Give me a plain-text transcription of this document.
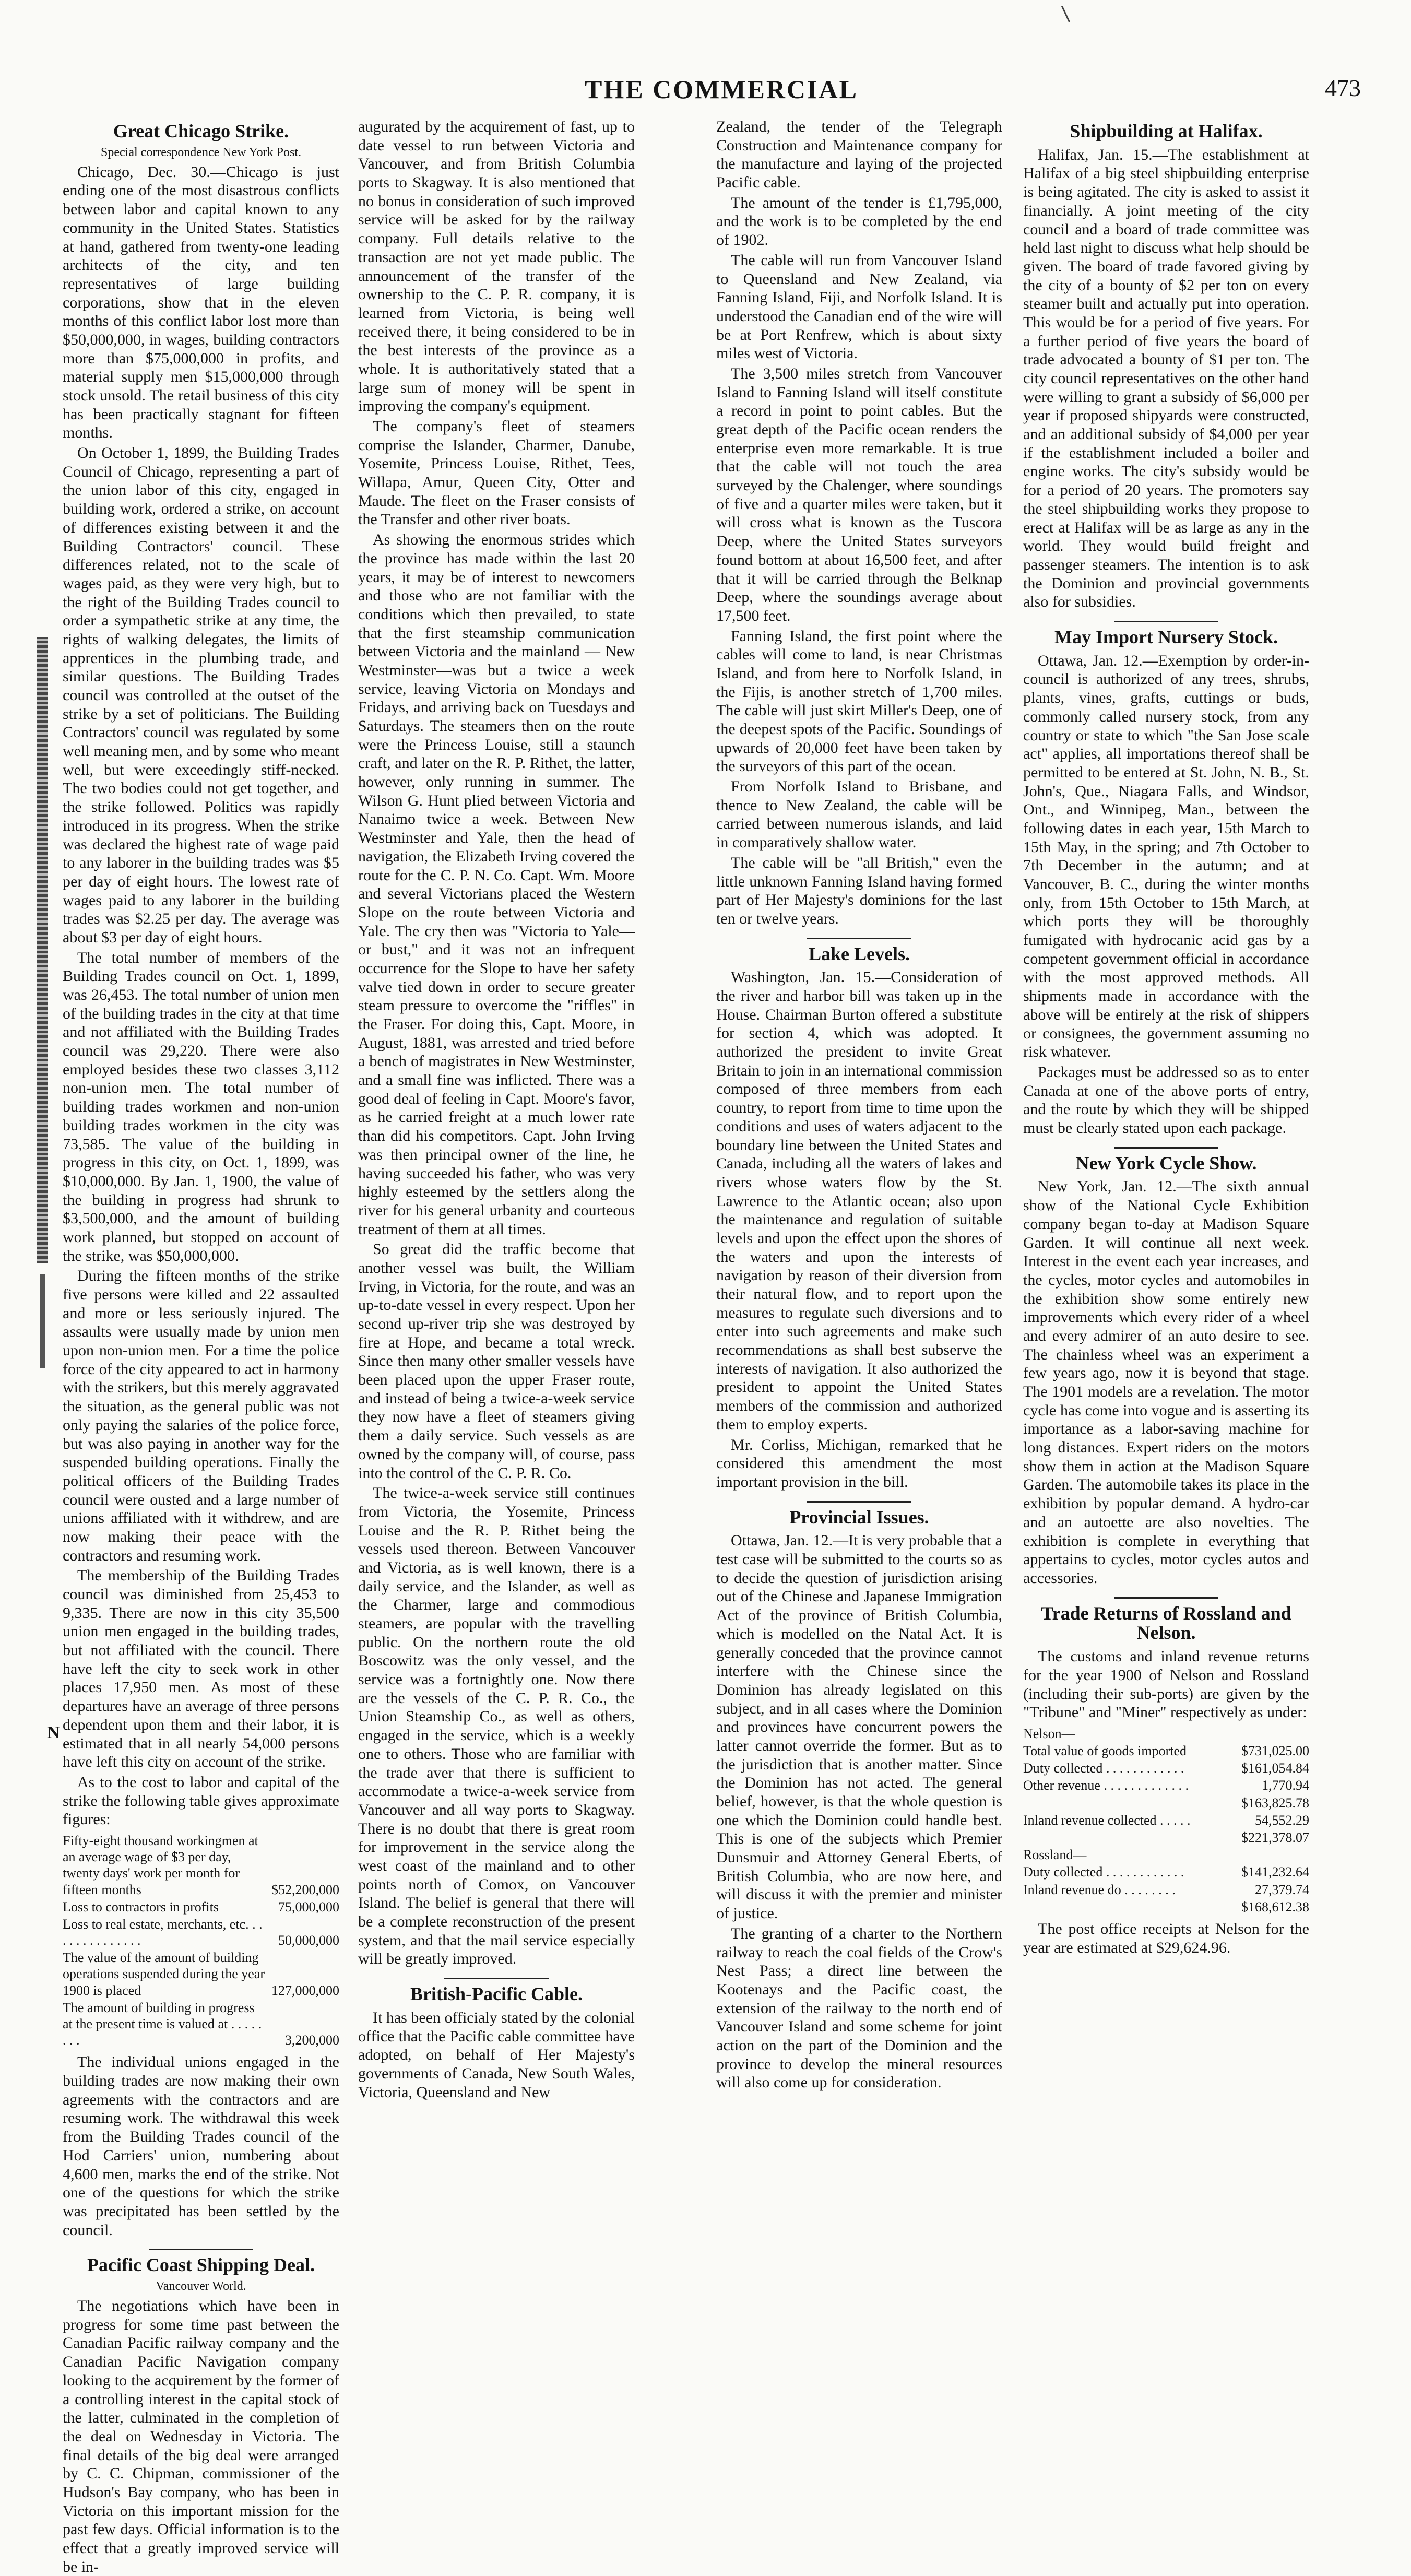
THE COMMERCIAL	473
N
Great Chicago Strike.
Special correspondence New York Post.

Chicago, Dec. 30.—Chicago is just ending one of the most disastrous conflicts between labor and capital known to any community in the United States. Statistics at hand, gathered from twenty-one leading architects of the city, and ten representatives of large building corporations, show that in the eleven months of this conflict labor lost more than $50,000,000, in wages, building contractors more than $75,000,000 in profits, and material supply men $15,000,000 through stock unsold. The retail business of this city has been practically stagnant for fifteen months.

On October 1, 1899, the Building Trades Council of Chicago, representing a part of the union labor of this city, engaged in building work, ordered a strike, on account of differences existing between it and the Building Contractors' council. These differences related, not to the scale of wages paid, as they were very high, but to the right of the Building Trades council to order a sympathetic strike at any time, the rights of walking delegates, the limits of apprentices in the plumbing trade, and similar questions. The Building Trades council was controlled at the outset of the strike by a set of politicians. The Building Contractors' council was regulated by some well meaning men, and by some who meant well, but were exceedingly stiff-necked. The two bodies could not get together, and the strike followed. Politics was rapidly introduced in its progress. When the strike was declared the highest rate of wage paid to any laborer in the building trades was $5 per day of eight hours. The lowest rate of wages paid to any laborer in the building trades was $2.25 per day. The average was about $3 per day of eight hours.

The total number of members of the Building Trades council on Oct. 1, 1899, was 26,453. The total number of union men of the building trades in the city at that time and not affiliated with the Building Trades council was 29,220. There were also employed besides these two classes 3,112 non-union men. The total number of building trades workmen and non-union building trades workmen in the city was 73,585. The value of the building in progress in this city, on Oct. 1, 1899, was $10,000,000. By Jan. 1, 1900, the value of the building in progress had shrunk to $3,500,000, and the amount of building work planned, but stopped on account of the strike, was $50,000,000.

During the fifteen months of the strike five persons were killed and 22 assaulted and more or less seriously injured. The assaults were usually made by union men upon non-union men. For a time the police force of the city appeared to act in harmony with the strikers, but this merely aggravated the situation, as the general public was not only paying the salaries of the police force, but was also paying in another way for the suspended building operations. Finally the political officers of the Building Trades council were ousted and a large number of unions affiliated with it withdrew, and are now making their peace with the contractors and resuming work.

The membership of the Building Trades council was diminished from 25,453 to 9,335. There are now in this city 35,500 union men engaged in the building trades, but not affiliated with the council. There have left the city to seek work in other places 17,950 men. As most of these departures have an average of three persons dependent upon them and their labor, it is estimated that in all nearly 54,000 persons have left this city on account of the strike.

As to the cost to labor and capital of the strike the following table gives approximate figures:

Fifty-eight thousand workingmen at an average wage of $3 per day, twenty days' work per month for fifteen months	$52,200,000
Loss to contractors in profits	75,000,000
Loss to real estate, merchants, etc. . . . . . . . . . . . . . .	50,000,000
The value of the amount of building operations suspended during the year 1900 is placed	127,000,000
The amount of building in progress at the present time is valued at . . . . . . . .	3,200,000

The individual unions engaged in the building trades are now making their own agreements with the contractors and are resuming work. The withdrawal this week from the Building Trades council of the Hod Carriers' union, numbering about 4,600 men, marks the end of the strike. Not one of the questions for which the strike was precipitated has been settled by the council.

Pacific Coast Shipping Deal.
Vancouver World.

The negotiations which have been in progress for some time past between the Canadian Pacific railway company and the Canadian Pacific Navigation company looking to the acquirement by the former of a controlling interest in the capital stock of the latter, culminated in the completion of the deal on Wednesday in Victoria. The final details of the big deal were arranged by C. C. Chipman, commissioner of the Hudson's Bay company, who has been in Victoria on this important mission for the past few days. Official information is to the effect that a greatly improved service will be in-

augurated by the acquirement of fast, up to date vessel to run between Victoria and Vancouver, and from British Columbia ports to Skagway. It is also mentioned that no bonus in consideration of such improved service will be asked for by the railway company. Full details relative to the transaction are not yet made public. The announcement of the transfer of the ownership to the C. P. R. company, it is learned from Victoria, is being well received there, it being considered to be in the best interests of the province as a whole. It is authoritatively stated that a large sum of money will be spent in improving the company's equipment.

The company's fleet of steamers comprise the Islander, Charmer, Danube, Yosemite, Princess Louise, Rithet, Tees, Willapa, Amur, Queen City, Otter and Maude. The fleet on the Fraser consists of the Transfer and other river boats.

As showing the enormous strides which the province has made within the last 20 years, it may be of interest to newcomers and those who are not familiar with the conditions which then prevailed, to state that the first steamship communication between Victoria and the mainland — New Westminster—was but a twice a week service, leaving Victoria on Mondays and Fridays, and arriving back on Tuesdays and Saturdays. The steamers then on the route were the Princess Louise, still a staunch craft, and later on the R. P. Rithet, the latter, however, only running in summer. The Wilson G. Hunt plied between Victoria and Nanaimo twice a week. Between New Westminster and Yale, then the head of navigation, the Elizabeth Irving covered the route for the C. P. N. Co. Capt. Wm. Moore and several Victorians placed the Western Slope on the route between Victoria and Yale. The cry then was "Victoria to Yale—or bust," and it was not an infrequent occurrence for the Slope to have her safety valve tied down in order to secure greater steam pressure to overcome the "riffles" in the Fraser. For doing this, Capt. Moore, in August, 1881, was arrested and tried before a bench of magistrates in New Westminster, and a small fine was inflicted. There was a good deal of feeling in Capt. Moore's favor, as he carried freight at a much lower rate than did his competitors. Capt. John Irving was then principal owner of the line, he having succeeded his father, who was very highly esteemed by the settlers along the river for his general urbanity and courteous treatment of them at all times.

So great did the traffic become that another vessel was built, the William Irving, in Victoria, for the route, and was an up-to-date vessel in every respect. Upon her second up-river trip she was destroyed by fire at Hope, and became a total wreck. Since then many other smaller vessels have been placed upon the upper Fraser route, and instead of being a twice-a-week service they now have a fleet of steamers giving them a daily service. Such vessels as are owned by the company will, of course, pass into the control of the C. P. R. Co.

The twice-a-week service still continues from Victoria, the Yosemite, Princess Louise and the R. P. Rithet being the vessels used thereon. Between Vancouver and Victoria, as is well known, there is a daily service, and the Islander, as well as the Charmer, large and commodious steamers, are popular with the travelling public. On the northern route the old Boscowitz was the only vessel, and the service was a fortnightly one. Now there are the vessels of the C. P. R. Co., the Union Steamship Co., as well as others, engaged in the service, which is a weekly one to others. Those who are familiar with the trade aver that there is sufficient to accommodate a twice-a-week service from Vancouver and all way ports to Skagway. There is no doubt that there is great room for improvement in the service along the west coast of the mainland and to other points north of Comox, on Vancouver Island. The belief is general that there will be a complete reconstruction of the present system, and that the mail service especially will be greatly improved.

British-Pacific Cable.

It has been officialy stated by the colonial office that the Pacific cable committee have adopted, on behalf of Her Majesty's governments of Canada, New South Wales, Victoria, Queensland and New

Zealand, the tender of the Telegraph Construction and Maintenance company for the manufacture and laying of the projected Pacific cable.

The amount of the tender is £1,795,000, and the work is to be completed by the end of 1902.

The cable will run from Vancouver Island to Queensland and New Zealand, via Fanning Island, Fiji, and Norfolk Island. It is understood the Canadian end of the wire will be at Port Renfrew, which is about sixty miles west of Victoria.

The 3,500 miles stretch from Vancouver Island to Fanning Island will itself constitute a record in point to point cables. But the great depth of the Pacific ocean renders the enterprise even more remarkable. It is true that the cable will not touch the area surveyed by the Chalenger, where soundings of five and a quarter miles were taken, but it will cross what is known as the Tuscora Deep, where the United States surveyors found bottom at about 16,500 feet, and after that it will be carried through the Belknap Deep, where the soundings average about 17,500 feet.

Fanning Island, the first point where the cables will come to land, is near Christmas Island, and from here to Norfolk Island, in the Fijis, is another stretch of 1,700 miles. The cable will just skirt Miller's Deep, one of the deepest spots of the Pacific. Soundings of upwards of 20,000 feet have been taken by the surveyors of this part of the ocean.

From Norfolk Island to Brisbane, and thence to New Zealand, the cable will be carried between numerous islands, and laid in comparatively shallow water.

The cable will be "all British," even the little unknown Fanning Island having formed part of Her Majesty's dominions for the last ten or twelve years.

Lake Levels.

Washington, Jan. 15.—Consideration of the river and harbor bill was taken up in the House. Chairman Burton offered a substitute for section 4, which was adopted. It authorized the president to invite Great Britain to join in an international commission composed of three members from each country, to report from time to time upon the conditions and uses of waters adjacent to the boundary line between the United States and Canada, including all the waters of lakes and rivers whose waters flow by the St. Lawrence to the Atlantic ocean; also upon the maintenance and regulation of suitable levels and upon the effect upon the shores of the waters and upon the interests of navigation by reason of their diversion from their natural flow, and to report upon the measures to regulate such diversions and to enter into such agreements and make such recommendations as shall best subserve the interests of navigation. It also authorized the president to appoint the United States members of the commission and authorized them to employ experts.

Mr. Corliss, Michigan, remarked that he considered this amendment the most important provision in the bill.

Provincial Issues.

Ottawa, Jan. 12.—It is very probable that a test case will be submitted to the courts so as to decide the question of jurisdiction arising out of the Chinese and Japanese Immigration Act of the province of British Columbia, which is modelled on the Natal Act. It is generally conceded that the province cannot interfere with the Chinese since the Dominion has already legislated on this subject, and in all cases where the Dominion and provinces have concurrent powers the latter cannot override the former. But as to the jurisdiction that is another matter. Since the Dominion has not acted. The general belief, however, is that the whole question is one which the Dominion could handle best. This is one of the subjects which Premier Dunsmuir and Attorney General Eberts, of British Columbia, who are now here, and will discuss it with the premier and minister of justice.

The granting of a charter to the Northern railway to reach the coal fields of the Crow's Nest Pass; a direct line between the Kootenays and the Pacific coast, the extension of the railway to the north end of Vancouver Island and some scheme for joint action on the part of the Dominion and the province to develop the mineral resources will also come up for consideration.

Shipbuilding at Halifax.

Halifax, Jan. 15.—The establishment at Halifax of a big steel shipbuilding enterprise is being agitated. The city is asked to assist it financially. A joint meeting of the city council and a board of trade committee was held last night to discuss what help should be given. The board of trade favored giving by the city of a bounty of $2 per ton on every steamer built and actually put into operation. This would be for a period of five years. For a further period of five years the board of trade advocated a bounty of $1 per ton. The city council representatives on the other hand were willing to grant a subsidy of $6,000 per year if proposed shipyards were constructed, and an additional subsidy of $4,000 per year if the establishment included a boiler and engine works. The city's subsidy would be for a period of 20 years. The promoters say the steel shipbuilding works they propose to erect at Halifax will be as large as any in the world. They would build freight and passenger steamers. The intention is to ask the Dominion and provincial governments also for subsidies.

May Import Nursery Stock.

Ottawa, Jan. 12.—Exemption by order-in-council is authorized of any trees, shrubs, plants, vines, grafts, cuttings or buds, commonly called nursery stock, from any country or state to which "the San Jose scale act" applies, all importations thereof shall be permitted to be entered at St. John, N. B., St. John's, Que., Niagara Falls, and Windsor, Ont., and Winnipeg, Man., between the following dates in each year, 15th March to 15th May, in the spring; and 7th October to 7th December in the autumn; and at Vancouver, B. C., during the winter months only, from 15th October to 15th March, at which ports they will be thoroughly fumigated with hydrocanic acid gas by a competent government official in accordance with the most approved methods. All shipments made in accordance with the above will be entirely at the risk of shippers or consignees, the government assuming no risk whatever.

Packages must be addressed so as to enter Canada at one of the above ports of entry, and the route by which they will be shipped must be clearly stated upon each package.

New York Cycle Show.

New York, Jan. 12.—The sixth annual show of the National Cycle Exhibition company began to-day at Madison Square Garden. It will continue all next week. Interest in the event each year increases, and the cycles, motor cycles and automobiles in the exhibition show some entirely new improvements which every rider of a wheel and every admirer of an auto desire to see. The chainless wheel was an experiment a few years ago, now it is beyond that stage. The 1901 models are a revelation. The motor cycle has come into vogue and is asserting its importance as a labor-saving machine for long distances. Expert riders on the motors show them in action at the Madison Square Garden. The automobile takes its place in the exhibition by popular demand. A hydro-car and an autoette are also novelties. The exhibition is complete in everything that appertains to cycles, motor cycles autos and accessories.

Trade Returns of Rossland and Nelson.

The customs and inland revenue returns for the year 1900 of Nelson and Rossland (including their sub-ports) are given by the "Tribune" and "Miner" respectively as under:

Nelson—	
Total value of goods imported	$731,025.00
Duty collected . . . . . . . . . . . .	$161,054.84
Other revenue . . . . . . . . . . . . .	1,770.94
	$163,825.78
Inland revenue collected . . . . .	54,552.29
	$221,378.07
Rossland—	
Duty collected . . . . . . . . . . . .	$141,232.64
Inland revenue do . . . . . . . .	27,379.74
	$168,612.38

The post office receipts at Nelson for the year are estimated at $29,624.96.
